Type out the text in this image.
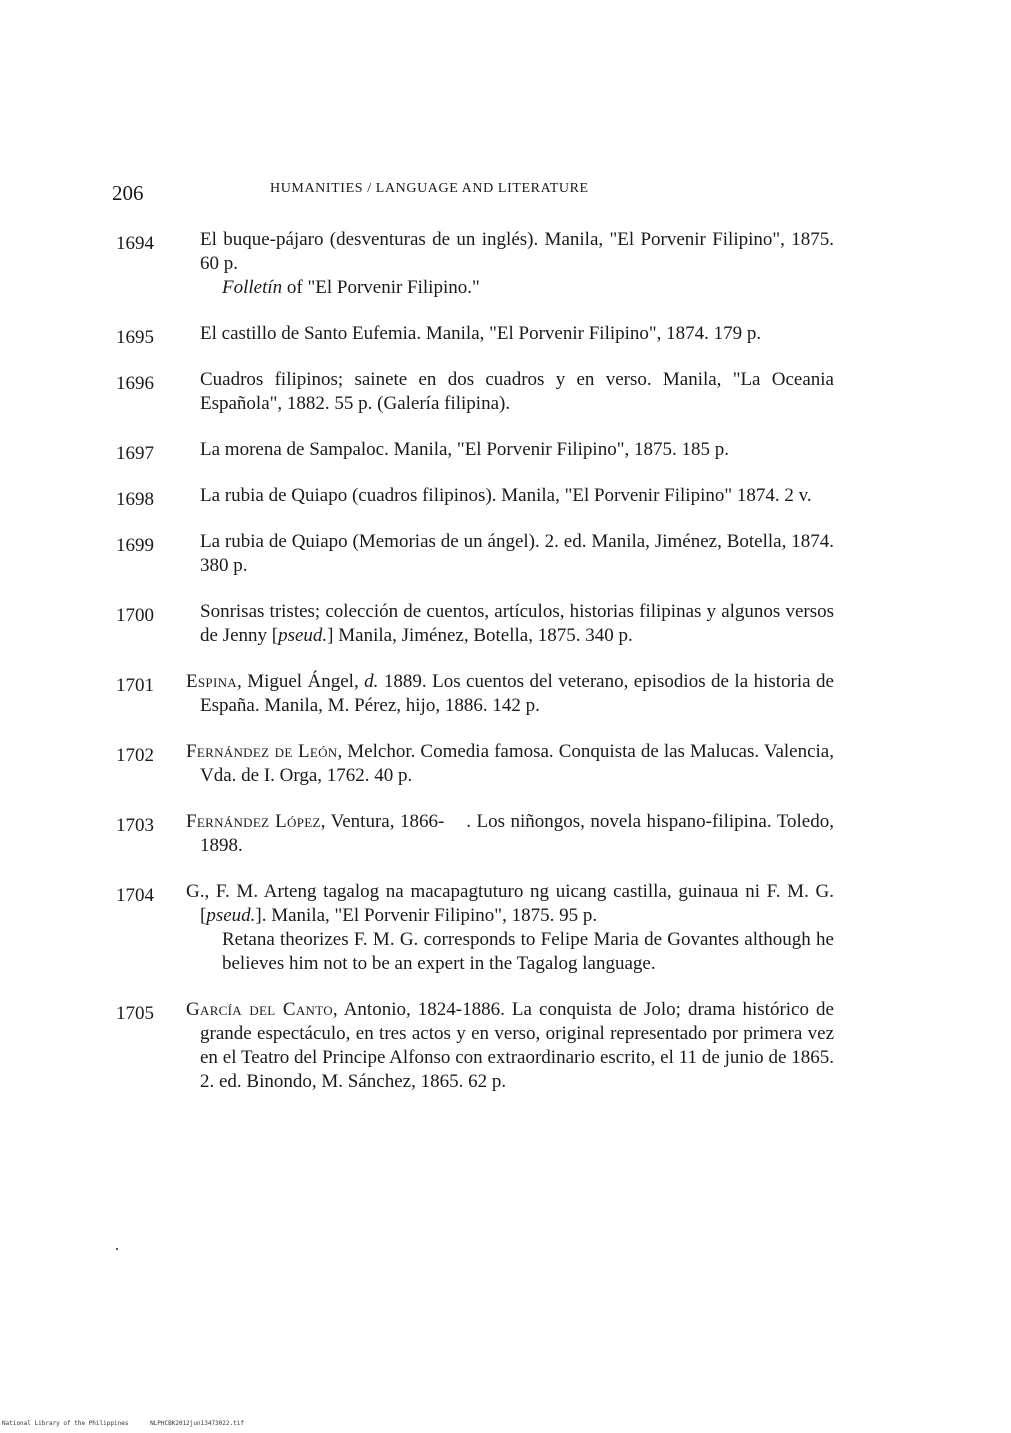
206	HUMANITIES / LANGUAGE AND LITERATURE
1694	El buque-pájaro (desventuras de un inglés). Manila, "El Porvenir Filipino", 1875. 60 p.
Folletín of "El Porvenir Filipino."
1695	El castillo de Santo Eufemia. Manila, "El Porvenir Filipino", 1874. 179 p.
1696	Cuadros filipinos; sainete en dos cuadros y en verso. Manila, "La Oceania Española", 1882. 55 p. (Galería filipina).
1697	La morena de Sampaloc. Manila, "El Porvenir Filipino", 1875. 185 p.
1698	La rubia de Quiapo (cuadros filipinos). Manila, "El Porvenir Filipino" 1874. 2 v.
1699	La rubia de Quiapo (Memorias de un ángel). 2. ed. Manila, Jiménez, Botella, 1874. 380 p.
1700	Sonrisas tristes; colección de cuentos, artículos, historias filipinas y algunos versos de Jenny [pseud.] Manila, Jiménez, Botella, 1875. 340 p.
1701	Espina, Miguel Ángel, d. 1889. Los cuentos del veterano, episodios de la historia de España. Manila, M. Pérez, hijo, 1886. 142 p.
1702	Fernández de León, Melchor. Comedia famosa. Conquista de las Malucas. Valencia, Vda. de I. Orga, 1762. 40 p.
1703	Fernández López, Ventura, 1866-    . Los niñongos, novela hispano-filipina. Toledo, 1898.
1704	G., F. M. Arteng tagalog na macapagtuturo ng uicang castilla, guinaua ni F. M. G. [pseud.]. Manila, "El Porvenir Filipino", 1875. 95 p.
Retana theorizes F. M. G. corresponds to Felipe Maria de Govantes although he believes him not to be an expert in the Tagalog language.
1705	García del Canto, Antonio, 1824-1886. La conquista de Jolo; drama histórico de grande espectáculo, en tres actos y en verso, original representado por primera vez en el Teatro del Principe Alfonso con extraordinario escrito, el 11 de junio de 1865. 2. ed. Binondo, M. Sánchez, 1865. 62 p.
National Library of the Philippines	NLPHCBK2012jun13473022.tif
